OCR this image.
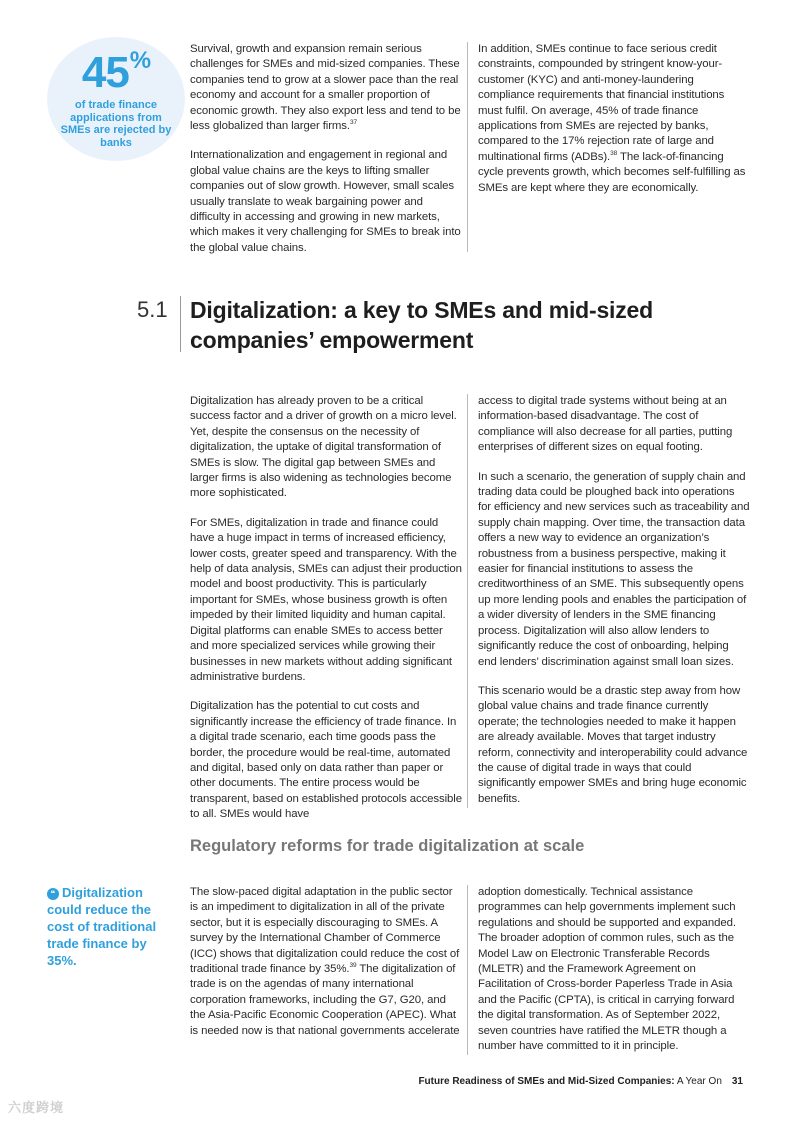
45%
of trade finance applications from SMEs are rejected by banks

Survival, growth and expansion remain serious challenges for SMEs and mid-sized companies. These companies tend to grow at a slower pace than the real economy and account for a smaller proportion of economic growth. They also export less and tend to be less globalized than larger firms.$^{37}$

Internationalization and engagement in regional and global value chains are the keys to lifting smaller companies out of slow growth. However, small scales usually translate to weak bargaining power and difficulty in accessing and growing in new markets, which makes it very challenging for SMEs to break into the global value chains.

In addition, SMEs continue to face serious credit constraints, compounded by stringent know-your-customer (KYC) and anti-money-laundering compliance requirements that financial institutions must fulfil. On average, 45% of trade finance applications from SMEs are rejected by banks, compared to the 17% rejection rate of large and multinational firms (ADBs).$^{38}$ The lack-of-financing cycle prevents growth, which becomes self-fulfilling as SMEs are kept where they are economically.

5.1 Digitalization: a key to SMEs and mid-sized companies’ empowerment

Digitalization has already proven to be a critical success factor and a driver of growth on a micro level. Yet, despite the consensus on the necessity of digitalization, the uptake of digital transformation of SMEs is slow. The digital gap between SMEs and larger firms is also widening as technologies become more sophisticated.

For SMEs, digitalization in trade and finance could have a huge impact in terms of increased efficiency, lower costs, greater speed and transparency. With the help of data analysis, SMEs can adjust their production model and boost productivity. This is particularly important for SMEs, whose business growth is often impeded by their limited liquidity and human capital. Digital platforms can enable SMEs to access better and more specialized services while growing their businesses in new markets without adding significant administrative burdens.

Digitalization has the potential to cut costs and significantly increase the efficiency of trade finance. In a digital trade scenario, each time goods pass the border, the procedure would be real-time, automated and digital, based only on data rather than paper or other documents. The entire process would be transparent, based on established protocols accessible to all. SMEs would have

access to digital trade systems without being at an information-based disadvantage. The cost of compliance will also decrease for all parties, putting enterprises of different sizes on equal footing.

In such a scenario, the generation of supply chain and trading data could be ploughed back into operations for efficiency and new services such as traceability and supply chain mapping. Over time, the transaction data offers a new way to evidence an organization’s robustness from a business perspective, making it easier for financial institutions to assess the creditworthiness of an SME. This subsequently opens up more lending pools and enables the participation of a wider diversity of lenders in the SME financing process. Digitalization will also allow lenders to significantly reduce the cost of onboarding, helping end lenders’ discrimination against small loan sizes.

This scenario would be a drastic step away from how global value chains and trade finance currently operate; the technologies needed to make it happen are already available. Moves that target industry reform, connectivity and interoperability could advance the cause of digital trade in ways that could significantly empower SMEs and bring huge economic benefits.

Regulatory reforms for trade digitalization at scale
❝ Digitalization could reduce the cost of traditional trade finance by 35%.

The slow-paced digital adaptation in the public sector is an impediment to digitalization in all of the private sector, but it is especially discouraging to SMEs. A survey by the International Chamber of Commerce (ICC) shows that digitalization could reduce the cost of traditional trade finance by 35%.$^{39}$ The digitalization of trade is on the agendas of many international corporation frameworks, including the G7, G20, and the Asia-Pacific Economic Cooperation (APEC). What is needed now is that national governments accelerate

adoption domestically. Technical assistance programmes can help governments implement such regulations and should be supported and expanded. The broader adoption of common rules, such as the Model Law on Electronic Transferable Records (MLETR) and the Framework Agreement on Facilitation of Cross-border Paperless Trade in Asia and the Pacific (CPTA), is critical in carrying forward the digital transformation. As of September 2022, seven countries have ratified the MLETR though a number have committed to it in principle.

Future Readiness of SMEs and Mid-Sized Companies: A Year On 31
六度跨境
